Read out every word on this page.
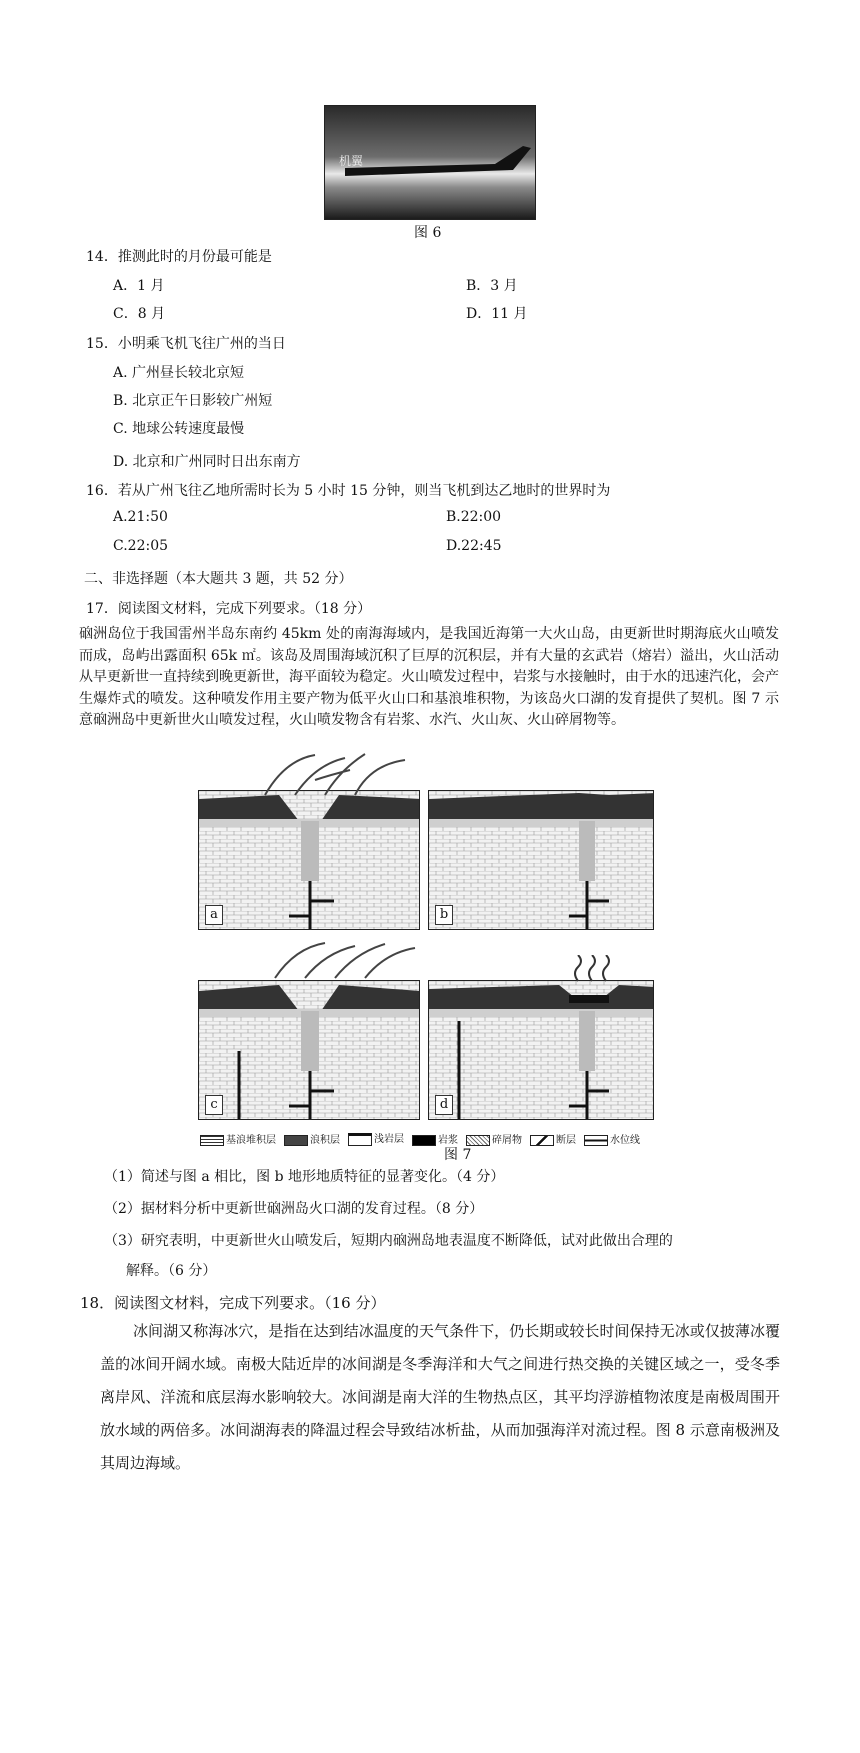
机翼
图 6
14．推测此时的月份最可能是
A．1 月	B．3 月
C．8 月	D．11 月
15．小明乘飞机飞往广州的当日
A. 广州昼长较北京短
B. 北京正午日影较广州短
C. 地球公转速度最慢
D. 北京和广州同时日出东南方
16．若从广州飞往乙地所需时长为 5 小时 15 分钟，则当飞机到达乙地时的世界时为
A.21:50	B.22:00
C.22:05	D.22:45
二、非选择题（本大题共 3 题，共 52 分）
17．阅读图文材料，完成下列要求。（18 分）
硇洲岛位于我国雷州半岛东南约 45km 处的南海海域内，是我国近海第一大火山岛，由更新世时期海底火山喷发而成，岛屿出露面积 65k ㎡。该岛及周围海域沉积了巨厚的沉积层，并有大量的玄武岩（熔岩）溢出，火山活动从早更新世一直持续到晚更新世，海平面较为稳定。火山喷发过程中，岩浆与水接触时，由于水的迅速汽化，会产生爆炸式的喷发。这种喷发作用主要产物为低平火山口和基浪堆积物，为该岛火口湖的发育提供了契机。图 7 示意硇洲岛中更新世火山喷发过程，火山喷发物含有岩浆、水汽、火山灰、火山碎屑物等。
a	b
c	d
基浪堆积层	浪积层	浅岩层	岩浆	碎屑物	断层	水位线
图 7
（1）简述与图 a 相比，图 b 地形地质特征的显著变化。（4 分）
（2）据材料分析中更新世硇洲岛火口湖的发育过程。（8 分）
（3）研究表明，中更新世火山喷发后，短期内硇洲岛地表温度不断降低，试对此做出合理的
解释。（6 分）
18．阅读图文材料，完成下列要求。（16 分）
冰间湖又称海冰穴，是指在达到结冰温度的天气条件下，仍长期或较长时间保持无冰或仅披薄冰覆盖的冰间开阔水域。南极大陆近岸的冰间湖是冬季海洋和大气之间进行热交换的关键区域之一，受冬季离岸风、洋流和底层海水影响较大。冰间湖是南大洋的生物热点区，其平均浮游植物浓度是南极周围开放水域的两倍多。冰间湖海表的降温过程会导致结冰析盐，从而加强海洋对流过程。图 8 示意南极洲及其周边海域。
